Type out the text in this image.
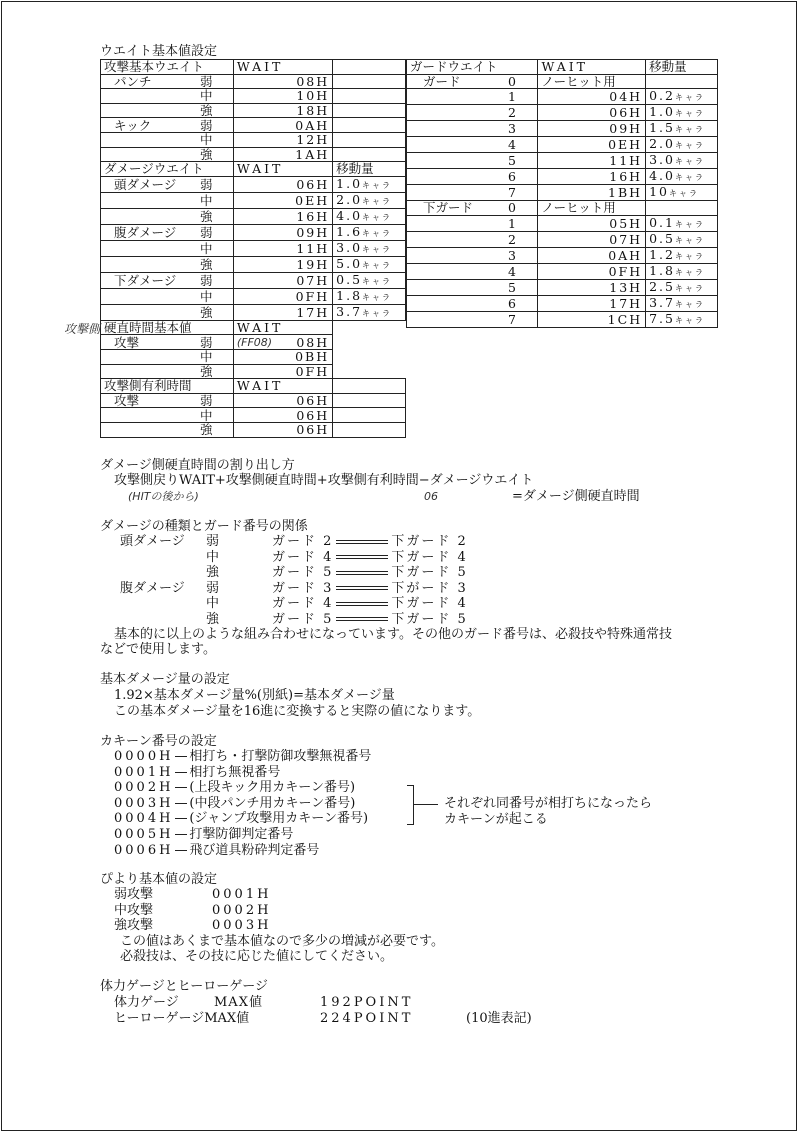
ウエイト基本値設定
攻撃基本ウエイト	WAIT	
パンチ 弱	08H	
中	10H	
強	18H	
キック 弱	0AH	
中	12H	
強	1AH	
ダメージウエイト	WAIT	移動量
頭ダメージ 弱	06H	1.0キャラ
中	0EH	2.0キャラ
強	16H	4.0キャラ
腹ダメージ 弱	09H	1.6キャラ
中	11H	3.0キャラ
強	19H	5.0キャラ
下ダメージ 弱	07H	0.5キャラ
中	0FH	1.8キャラ
強	17H	3.7キャラ
硬直時間基本値	WAIT	
攻撃 弱	(FF08) 08H	
中	0BH	
強	0FH	
攻撃側有利時間	WAIT	
攻撃 弱	06H	
中	06H	
強	06H	
攻撃側
ガードウエイト		WAIT	移動量
ガード	0	ノーヒット用	
	1	04H	0.2キャラ
	2	06H	1.0キャラ
	3	09H	1.5キャラ
	4	0EH	2.0キャラ
	5	11H	3.0キャラ
	6	16H	4.0キャラ
	7	1BH	10キャラ
下ガード	0	ノーヒット用	
	1	05H	0.1キャラ
	2	07H	0.5キャラ
	3	0AH	1.2キャラ
	4	0FH	1.8キャラ
	5	13H	2.5キャラ
	6	17H	3.7キャラ
	7	1CH	7.5キャラ
ダメージ側硬直時間の割り出し方
攻撃側戻りWAIT+攻撃側硬直時間+攻撃側有利時間−ダメージウエイト
(HITの後から)	06	=ダメージ側硬直時間
ダメージの種類とガード番号の関係
頭ダメージ 弱	ガード 2	下ガード 2
中	ガード 4	下ガード 4
強	ガード 5	下ガード 5
腹ダメージ 弱	ガード 3	下がード 3
中	ガード 4	下ガード 4
強	ガード 5	下ガード 5
基本的に以上のような組み合わせになっています。その他のガード番号は、必殺技や特殊通常技
などで使用します。
基本ダメージ量の設定
1.92×基本ダメージ量%(別紙)=基本ダメージ量
この基本ダメージ量を16進に変換すると実際の値になります。
カキーン番号の設定
0000H 相打ち・打撃防御攻撃無視番号
0001H 相打ち無視番号
0002H (上段キック用カキーン番号)
0003H (中段パンチ用カキーン番号)
0004H (ジャンプ攻撃用カキーン番号)
0005H 打撃防御判定番号
0006H 飛び道具粉砕判定番号
それぞれ同番号が相打ちになったら
カキーンが起こる
ぴより基本値の設定
弱攻撃	0001H
中攻撃	0002H
強攻撃	0003H
この値はあくまで基本値なので多少の増減が必要です。
必殺技は、その技に応じた値にしてください。
体力ゲージとヒーローゲージ
体力ゲージ	MAX値	192POINT
ヒーローゲージMAX値	224POINT	(10進表記)
